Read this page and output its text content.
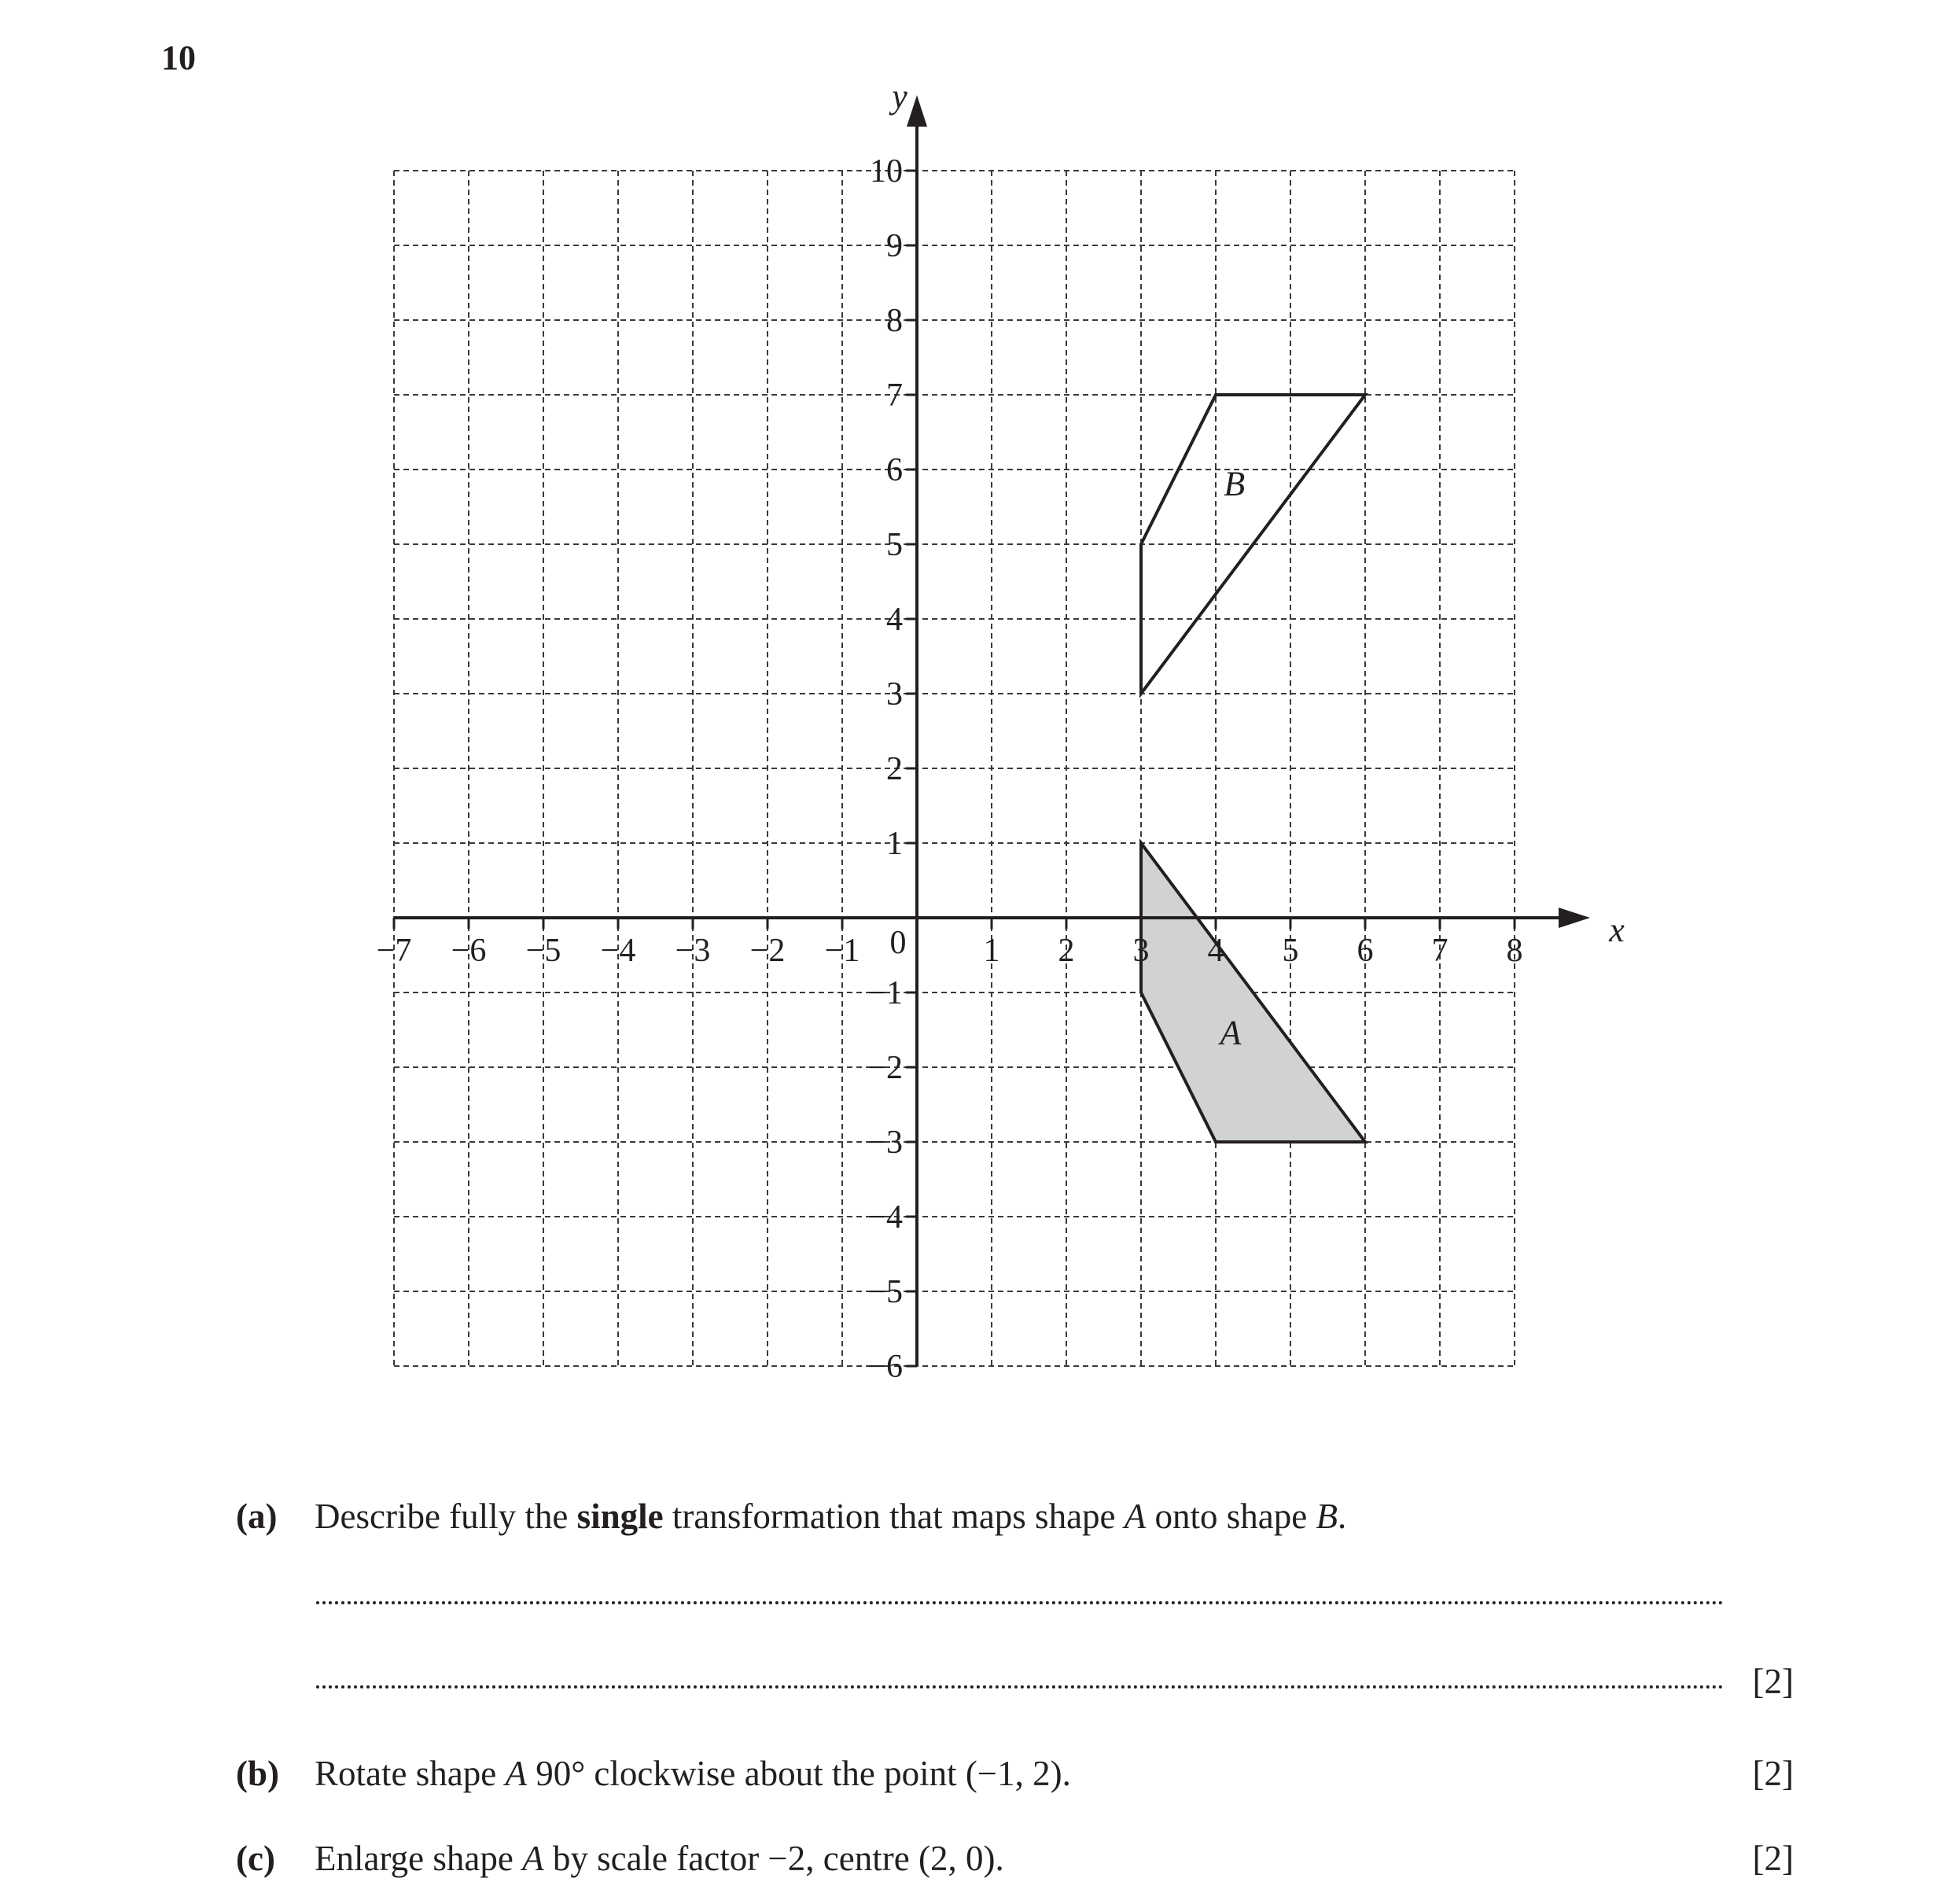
10
−7 −6 −5 −4 −3 −2 −1	1 2 3 4 5 6 7 8
10
9
8
7
6
5
4
3
2
1
−1
−2
−3
−4
−5
−6
0	x
y
A
B
(a) Describe fully the single transformation that maps shape A onto shape B.
[2]
(b) Rotate shape A 90° clockwise about the point (−1, 2).	[2]
(c) Enlarge shape A by scale factor −2, centre (2, 0).	[2]
